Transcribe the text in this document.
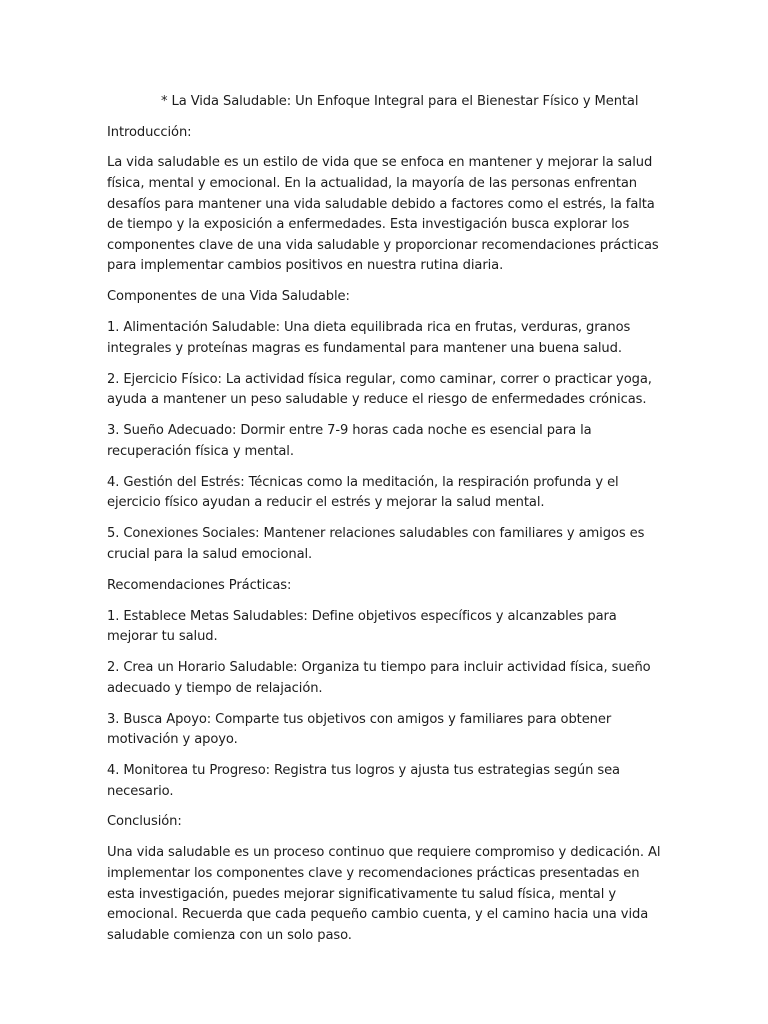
* La Vida Saludable: Un Enfoque Integral para el Bienestar Físico y Mental

Introducción:

La vida saludable es un estilo de vida que se enfoca en mantener y mejorar la salud física, mental y emocional. En la actualidad, la mayoría de las personas enfrentan desafíos para mantener una vida saludable debido a factores como el estrés, la falta de tiempo y la exposición a enfermedades. Esta investigación busca explorar los componentes clave de una vida saludable y proporcionar recomendaciones prácticas para implementar cambios positivos en nuestra rutina diaria.

Componentes de una Vida Saludable:

1. Alimentación Saludable: Una dieta equilibrada rica en frutas, verduras, granos integrales y proteínas magras es fundamental para mantener una buena salud.

2. Ejercicio Físico: La actividad física regular, como caminar, correr o practicar yoga, ayuda a mantener un peso saludable y reduce el riesgo de enfermedades crónicas.

3. Sueño Adecuado: Dormir entre 7-9 horas cada noche es esencial para la recuperación física y mental.

4. Gestión del Estrés: Técnicas como la meditación, la respiración profunda y el ejercicio físico ayudan a reducir el estrés y mejorar la salud mental.

5. Conexiones Sociales: Mantener relaciones saludables con familiares y amigos es crucial para la salud emocional.

Recomendaciones Prácticas:

1. Establece Metas Saludables: Define objetivos específicos y alcanzables para mejorar tu salud.

2. Crea un Horario Saludable: Organiza tu tiempo para incluir actividad física, sueño adecuado y tiempo de relajación.

3. Busca Apoyo: Comparte tus objetivos con amigos y familiares para obtener motivación y apoyo.

4. Monitorea tu Progreso: Registra tus logros y ajusta tus estrategias según sea necesario.

Conclusión:

Una vida saludable es un proceso continuo que requiere compromiso y dedicación. Al implementar los componentes clave y recomendaciones prácticas presentadas en esta investigación, puedes mejorar significativamente tu salud física, mental y emocional. Recuerda que cada pequeño cambio cuenta, y el camino hacia una vida saludable comienza con un solo paso.
